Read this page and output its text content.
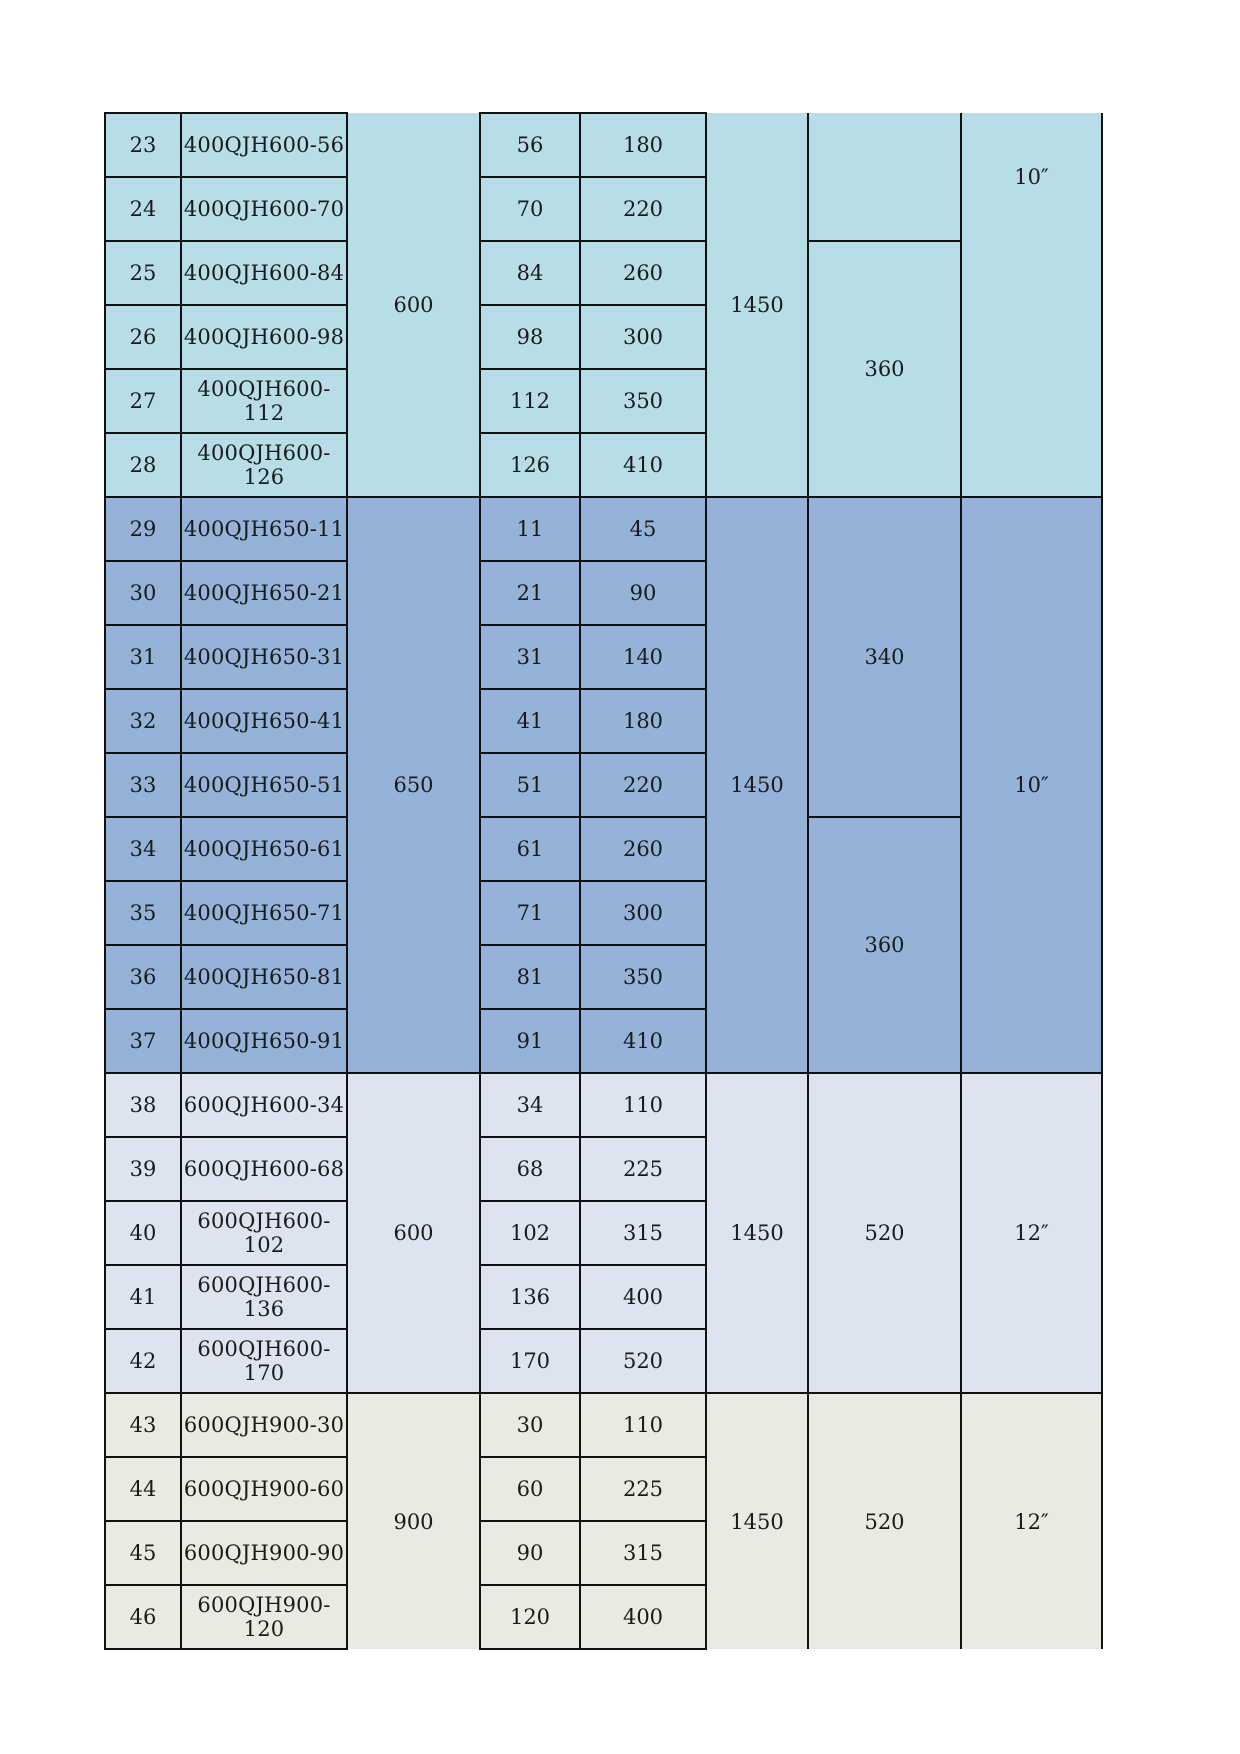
23	400QJH600-56	600	56	180	1450		10″
24	400QJH600-70		70	220			
25	400QJH600-84		84	260		360	
26	400QJH600-98		98	300			
27	400QJH600-112		112	350			
28	400QJH600-126		126	410			
29	400QJH650-11	650	11	45	1450	340	10″
30	400QJH650-21		21	90			
31	400QJH650-31		31	140			
32	400QJH650-41		41	180			
33	400QJH650-51		51	220			
34	400QJH650-61		61	260		360	
35	400QJH650-71		71	300			
36	400QJH650-81		81	350			
37	400QJH650-91		91	410			
38	600QJH600-34	600	34	110	1450	520	12″
39	600QJH600-68		68	225			
40	600QJH600-102		102	315			
41	600QJH600-136		136	400			
42	600QJH600-170		170	520			
43	600QJH900-30	900	30	110	1450	520	12″
44	600QJH900-60		60	225			
45	600QJH900-90		90	315			
46	600QJH900-120		120	400			
